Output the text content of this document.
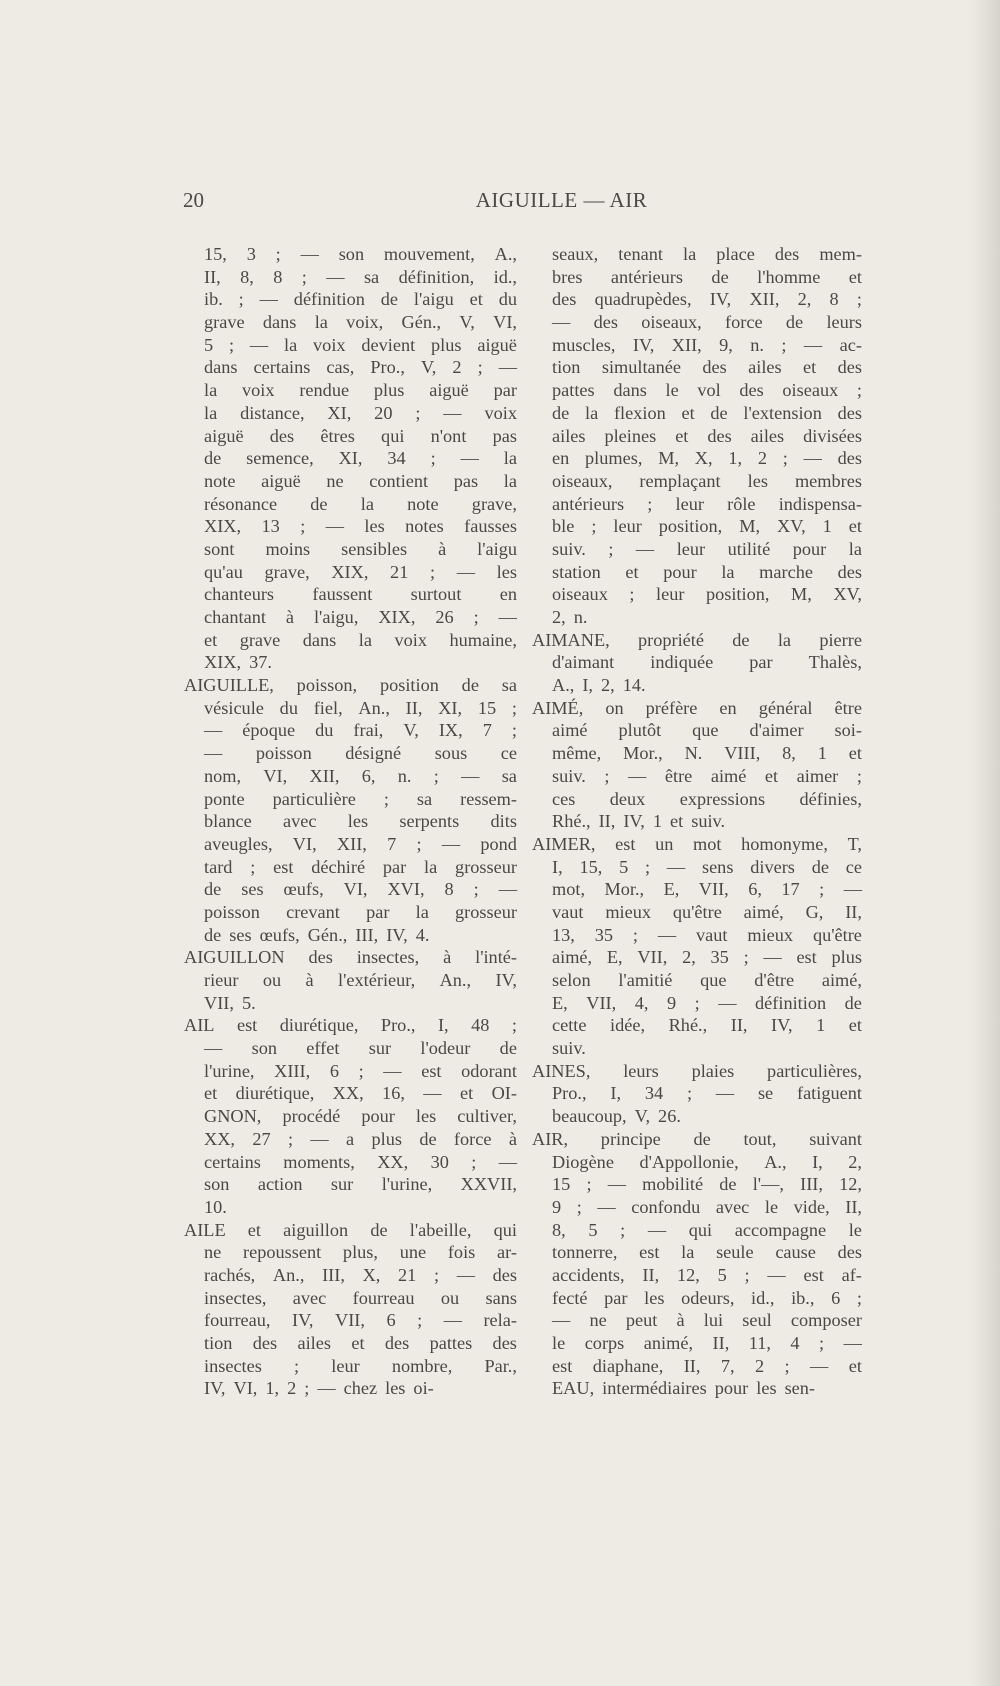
20	AIGUILLE — AIR
15, 3 ; — son mouvement, A.,
II, 8, 8 ; — sa définition, id.,
ib. ; — définition de l'aigu et du
grave dans la voix, Gén., V, VI,
5 ; — la voix devient plus aiguë
dans certains cas, Pro., V, 2 ; —
la voix rendue plus aiguë par
la distance, XI, 20 ; — voix
aiguë des êtres qui n'ont pas
de semence, XI, 34 ; — la
note aiguë ne contient pas la
résonance de la note grave,
XIX, 13 ; — les notes fausses
sont moins sensibles à l'aigu
qu'au grave, XIX, 21 ; — les
chanteurs faussent surtout en
chantant à l'aigu, XIX, 26 ; —
et grave dans la voix humaine,
XIX, 37.
AIGUILLE, poisson, position de sa
vésicule du fiel, An., II, XI, 15 ;
— époque du frai, V, IX, 7 ;
— poisson désigné sous ce
nom, VI, XII, 6, n. ; — sa
ponte particulière ; sa ressem-
blance avec les serpents dits
aveugles, VI, XII, 7 ; — pond
tard ; est déchiré par la grosseur
de ses œufs, VI, XVI, 8 ; —
poisson crevant par la grosseur
de ses œufs, Gén., III, IV, 4.
AIGUILLON des insectes, à l'inté-
rieur ou à l'extérieur, An., IV,
VII, 5.
AIL est diurétique, Pro., I, 48 ;
— son effet sur l'odeur de
l'urine, XIII, 6 ; — est odorant
et diurétique, XX, 16, — et OI-
GNON, procédé pour les cultiver,
XX, 27 ; — a plus de force à
certains moments, XX, 30 ; —
son action sur l'urine, XXVII,
10.
AILE et aiguillon de l'abeille, qui
ne repoussent plus, une fois ar-
rachés, An., III, X, 21 ; — des
insectes, avec fourreau ou sans
fourreau, IV, VII, 6 ; — rela-
tion des ailes et des pattes des
insectes ; leur nombre, Par.,
IV, VI, 1, 2 ; — chez les oi-
seaux, tenant la place des mem-
bres antérieurs de l'homme et
des quadrupèdes, IV, XII, 2, 8 ;
— des oiseaux, force de leurs
muscles, IV, XII, 9, n. ; — ac-
tion simultanée des ailes et des
pattes dans le vol des oiseaux ;
de la flexion et de l'extension des
ailes pleines et des ailes divisées
en plumes, M, X, 1, 2 ; — des
oiseaux, remplaçant les membres
antérieurs ; leur rôle indispensa-
ble ; leur position, M, XV, 1 et
suiv. ; — leur utilité pour la
station et pour la marche des
oiseaux ; leur position, M, XV,
2, n.
AIMANE, propriété de la pierre
d'aimant indiquée par Thalès,
A., I, 2, 14.
AIMÉ, on préfère en général être
aimé plutôt que d'aimer soi-
même, Mor., N. VIII, 8, 1 et
suiv. ; — être aimé et aimer ;
ces deux expressions définies,
Rhé., II, IV, 1 et suiv.
AIMER, est un mot homonyme, T,
I, 15, 5 ; — sens divers de ce
mot, Mor., E, VII, 6, 17 ; —
vaut mieux qu'être aimé, G, II,
13, 35 ; — vaut mieux qu'être
aimé, E, VII, 2, 35 ; — est plus
selon l'amitié que d'être aimé,
E, VII, 4, 9 ; — définition de
cette idée, Rhé., II, IV, 1 et
suiv.
AINES, leurs plaies particulières,
Pro., I, 34 ; — se fatiguent
beaucoup, V, 26.
AIR, principe de tout, suivant
Diogène d'Appollonie, A., I, 2,
15 ; — mobilité de l'—, III, 12,
9 ; — confondu avec le vide, II,
8, 5 ; — qui accompagne le
tonnerre, est la seule cause des
accidents, II, 12, 5 ; — est af-
fecté par les odeurs, id., ib., 6 ;
— ne peut à lui seul composer
le corps animé, II, 11, 4 ; —
est diaphane, II, 7, 2 ; — et
EAU, intermédiaires pour les sen-
